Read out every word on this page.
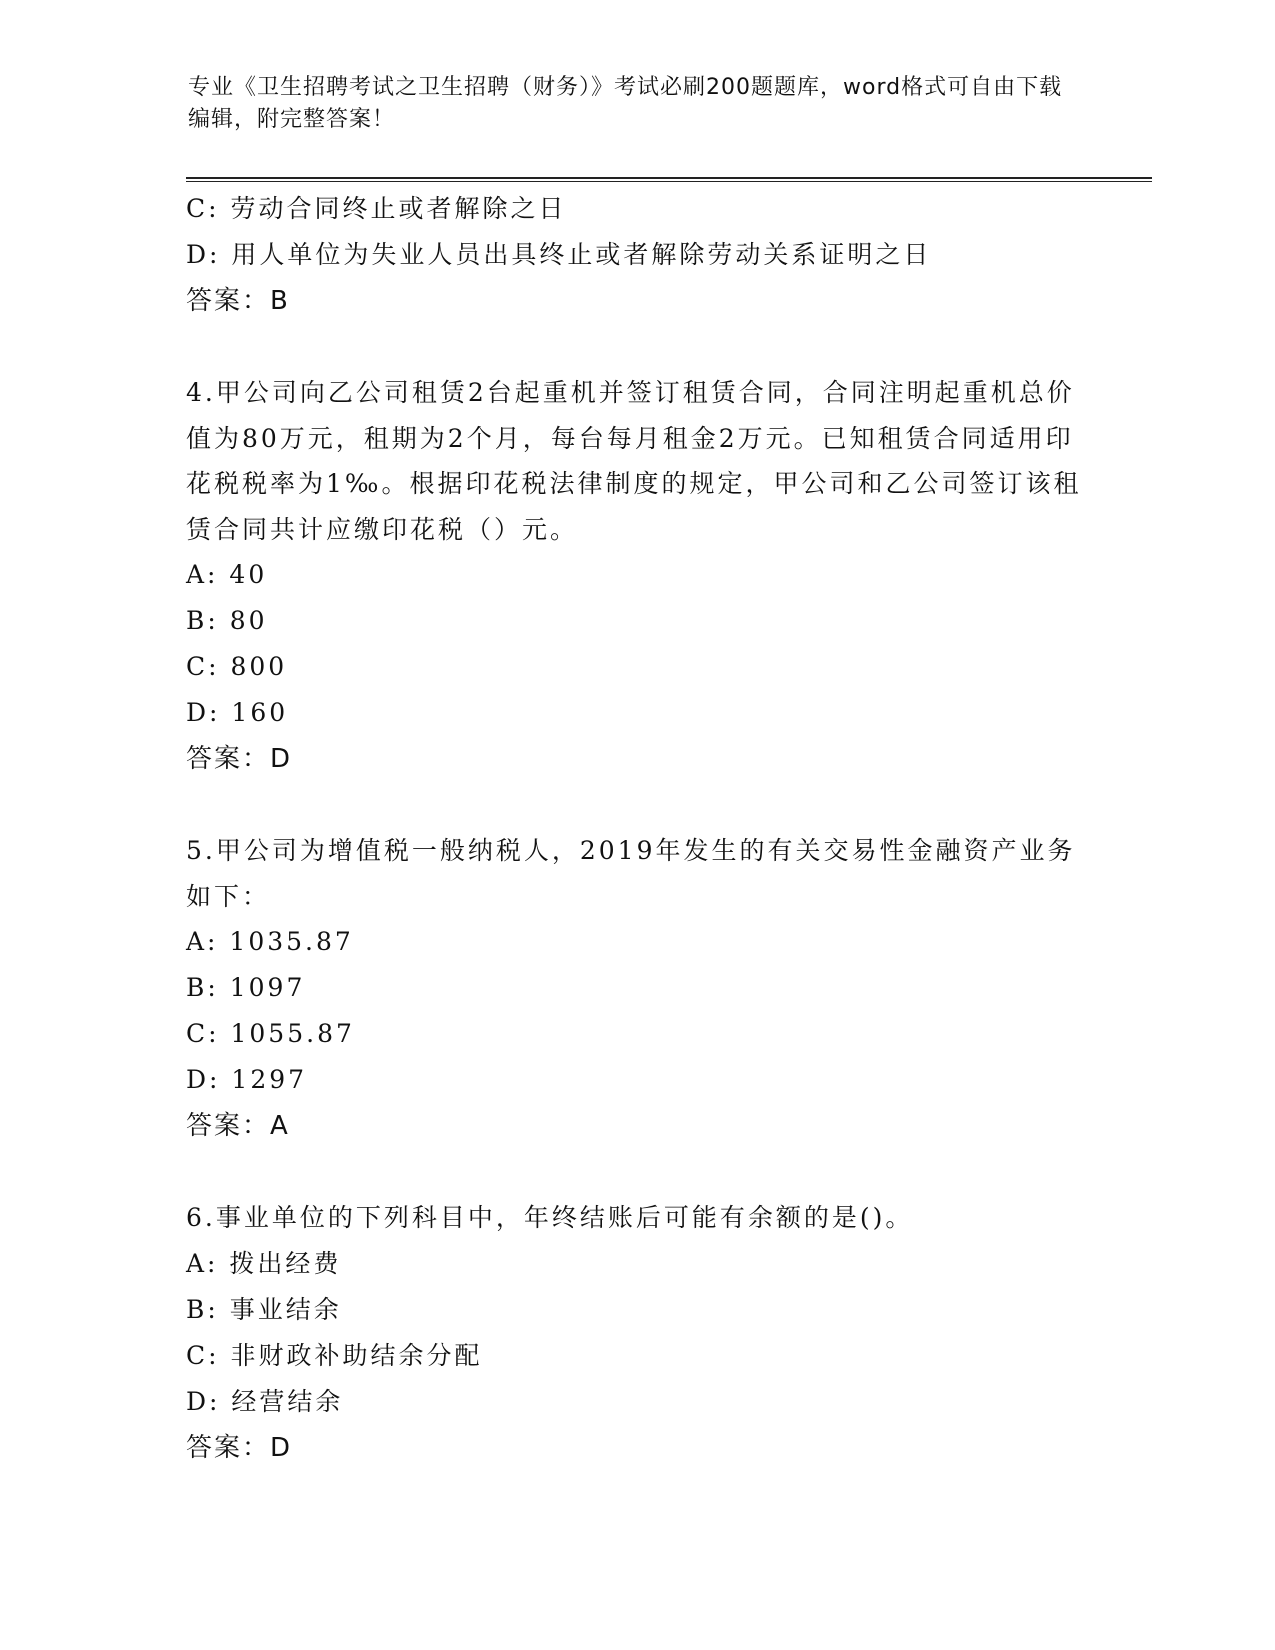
专业《卫生招聘考试之卫生招聘（财务）》考试必刷200题题库，word格式可自由下载编辑，附完整答案！
C: 劳动合同终止或者解除之日
D: 用人单位为失业人员出具终止或者解除劳动关系证明之日
答案：B
4.甲公司向乙公司租赁2台起重机并签订租赁合同，合同注明起重机总价值为80万元，租期为2个月，每台每月租金2万元。已知租赁合同适用印花税税率为1‰。根据印花税法律制度的规定，甲公司和乙公司签订该租赁合同共计应缴印花税（）元。
A: 40
B: 80
C: 800
D: 160
答案：D
5.甲公司为增值税一般纳税人，2019年发生的有关交易性金融资产业务如下：
A: 1035.87
B: 1097
C: 1055.87
D: 1297
答案：A
6.事业单位的下列科目中，年终结账后可能有余额的是()。
A: 拨出经费
B: 事业结余
C: 非财政补助结余分配
D: 经营结余
答案：D
